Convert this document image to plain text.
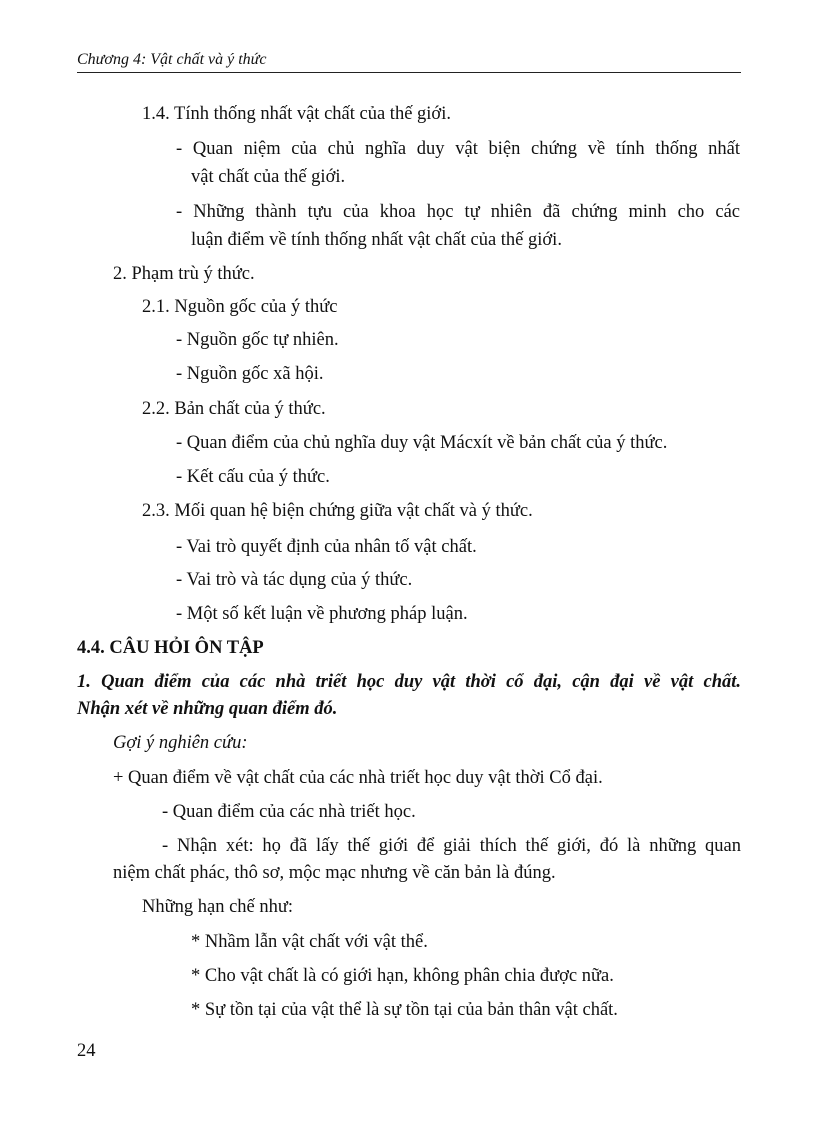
Chương 4: Vật chất và ý thức
1.4. Tính thống nhất vật chất của thế giới.
- Quan niệm của chủ nghĩa duy vật biện chứng về tính thống nhất
vật chất của thế giới.
- Những thành tựu của khoa học tự nhiên đã chứng minh cho các
luận điểm về tính thống nhất vật chất của thế giới.
2. Phạm trù ý thức.
2.1. Nguồn gốc của ý thức
- Nguồn gốc tự nhiên.
- Nguồn gốc xã hội.
2.2. Bản chất của ý thức.
- Quan điểm của chủ nghĩa duy vật Mácxít về bản chất của ý thức.
- Kết cấu của ý thức.
2.3. Mối quan hệ biện chứng giữa vật chất và ý thức.
- Vai trò quyết định của nhân tố vật chất.
- Vai trò và tác dụng của ý thức.
- Một số kết luận về phương pháp luận.
4.4. CÂU HỎI ÔN TẬP
1. Quan điểm của các nhà triết học duy vật thời cổ đại, cận đại về vật chất.
Nhận xét về những quan điểm đó.
Gợi ý nghiên cứu:
+ Quan điểm về vật chất của các nhà triết học duy vật thời Cổ đại.
- Quan điểm của các nhà triết học.
- Nhận xét: họ đã lấy thế giới để giải thích thế giới, đó là những quan
niệm chất phác, thô sơ, mộc mạc nhưng về căn bản là đúng.
Những hạn chế như:
* Nhầm lẫn vật chất với vật thể.
* Cho vật chất là có giới hạn, không phân chia được nữa.
* Sự tồn tại của vật thể là sự tồn tại của bản thân vật chất.
24
